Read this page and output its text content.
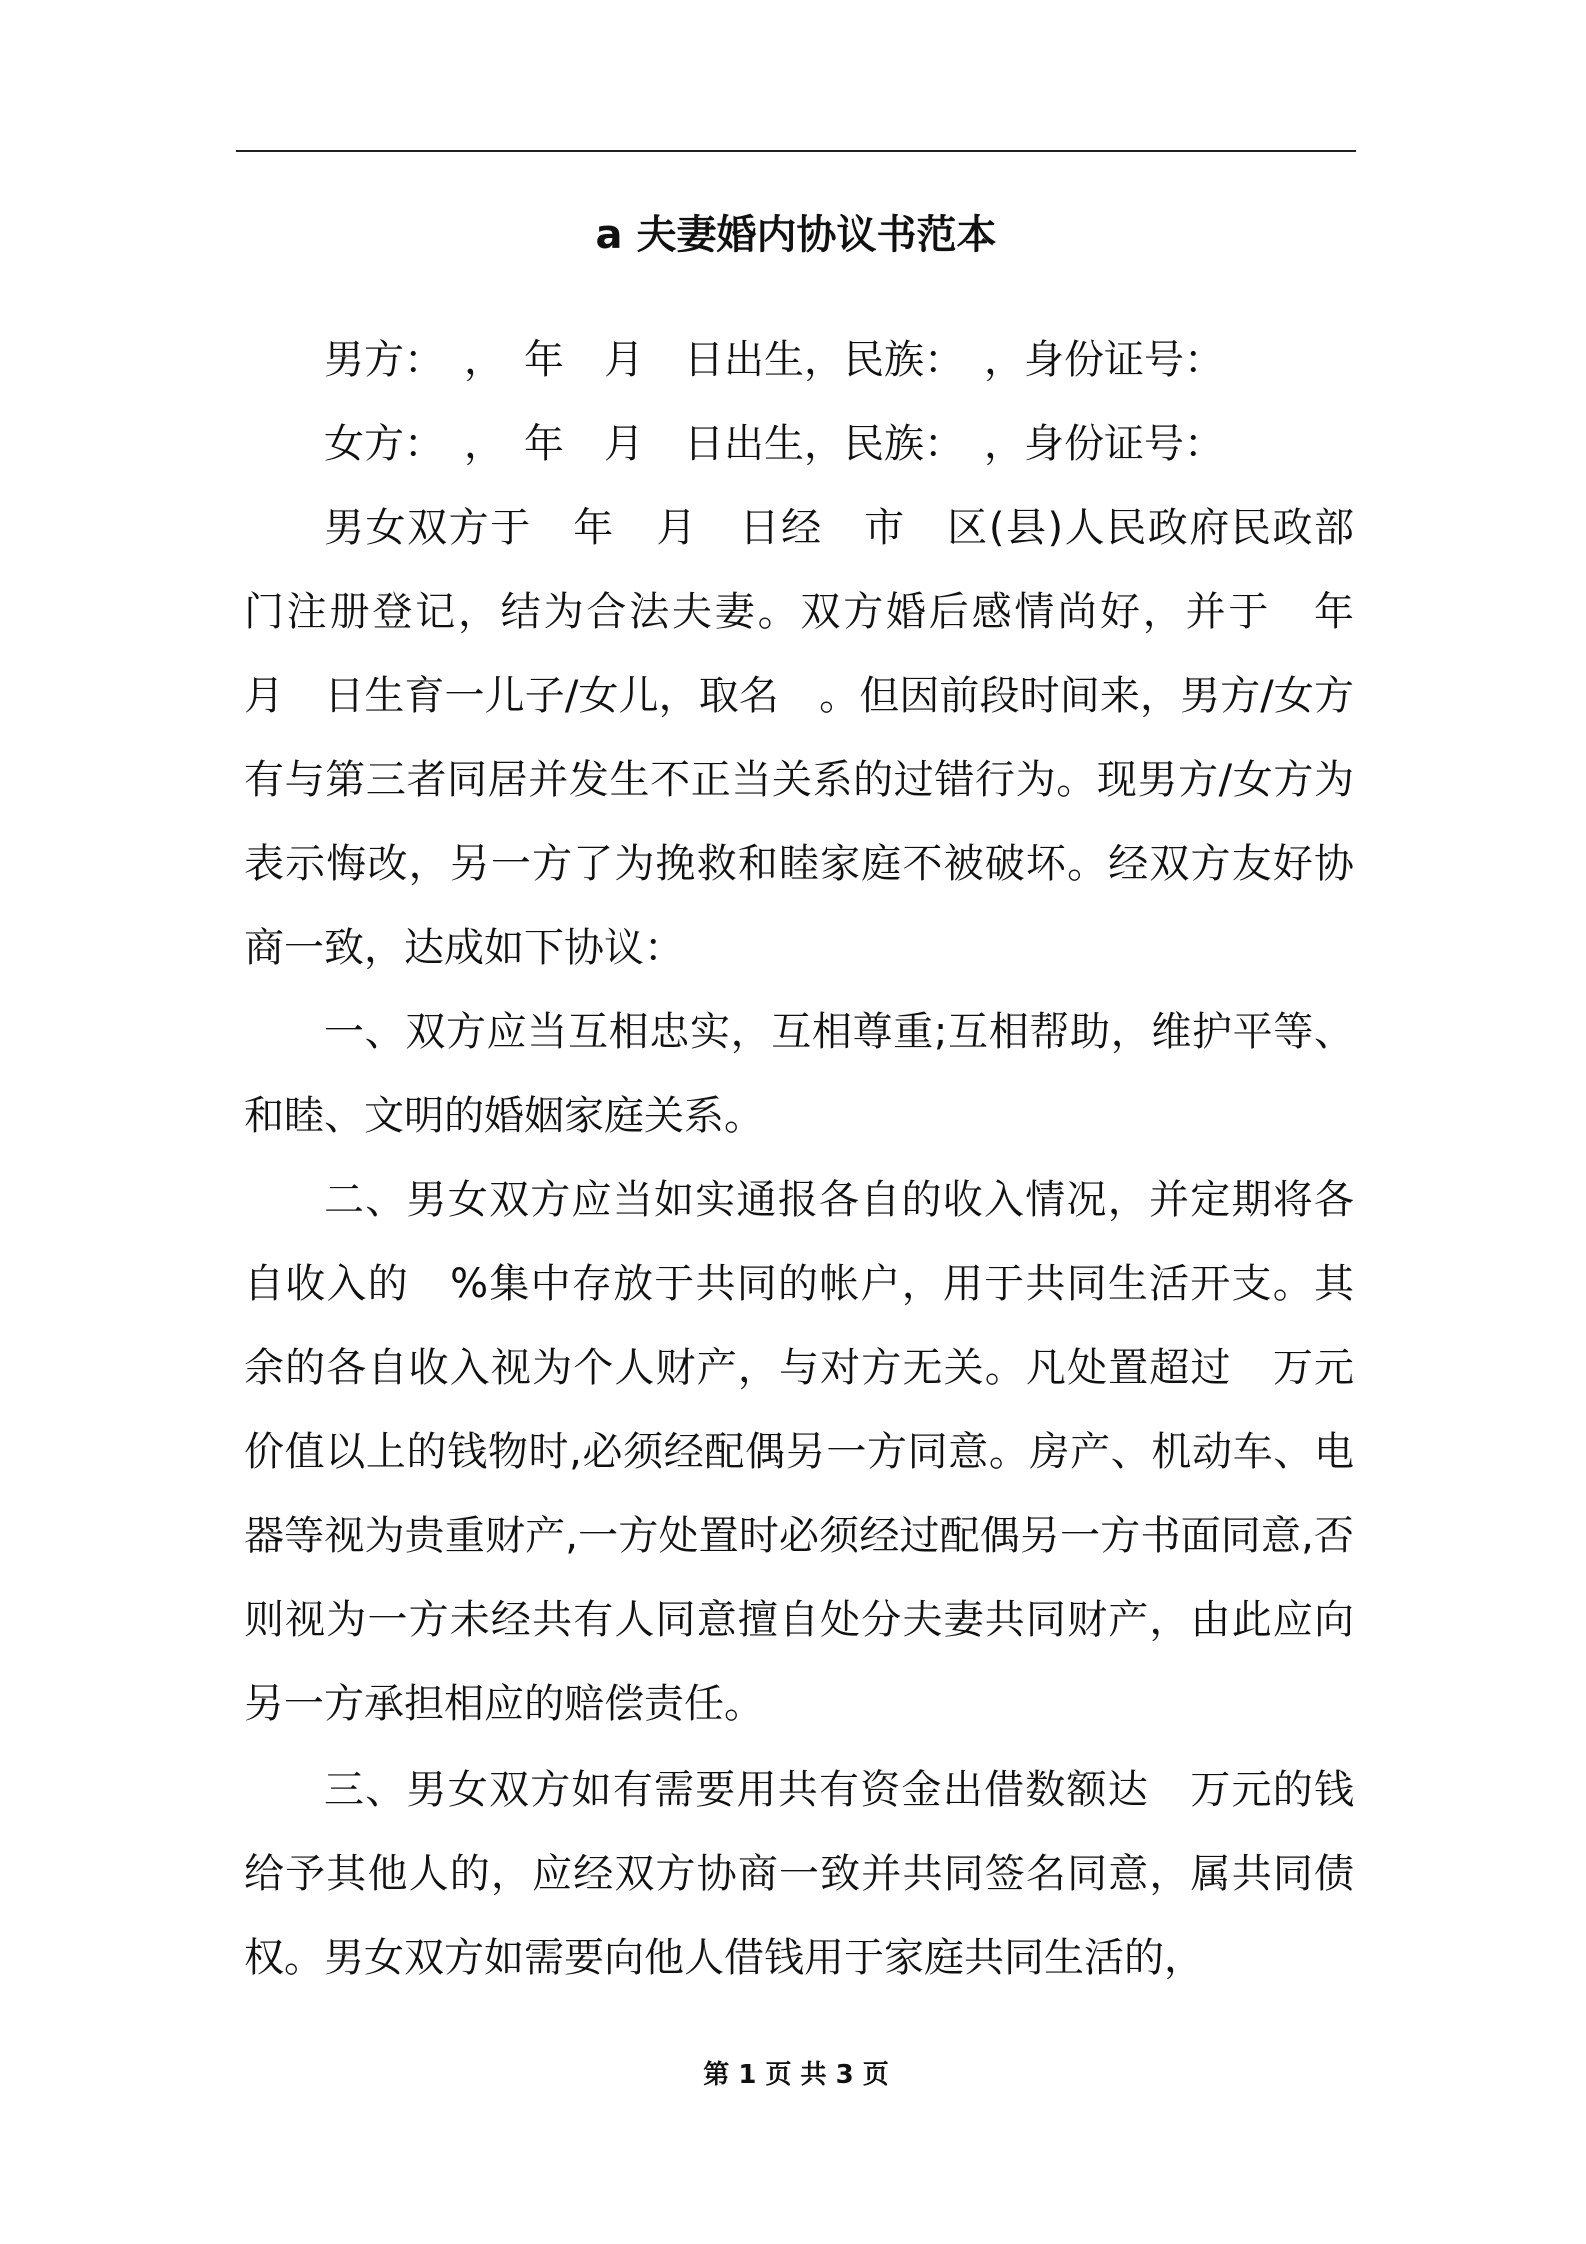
a 夫妻婚内协议书范本

男方：　，　年　月　日出生，民族：　，身份证号：

女方：　，　年　月　日出生，民族：　，身份证号：

男女双方于　年　月　日经　市　区(县)人民政府民政部门注册登记，结为合法夫妻。双方婚后感情尚好，并于　年　月　日生育一儿子/女儿，取名　。但因前段时间来，男方/女方有与第三者同居并发生不正当关系的过错行为。现男方/女方为表示悔改，另一方了为挽救和睦家庭不被破坏。经双方友好协商一致，达成如下协议：

一、双方应当互相忠实，互相尊重;互相帮助，维护平等、和睦、文明的婚姻家庭关系。

二、男女双方应当如实通报各自的收入情况，并定期将各自收入的　%集中存放于共同的帐户，用于共同生活开支。其余的各自收入视为个人财产，与对方无关。凡处置超过　万元价值以上的钱物时,必须经配偶另一方同意。房产、机动车、电器等视为贵重财产,一方处置时必须经过配偶另一方书面同意,否则视为一方未经共有人同意擅自处分夫妻共同财产，由此应向另一方承担相应的赔偿责任。

三、男女双方如有需要用共有资金出借数额达　万元的钱给予其他人的，应经双方协商一致并共同签名同意，属共同债权。男女双方如需要向他人借钱用于家庭共同生活的，

第 1 页 共 3 页
